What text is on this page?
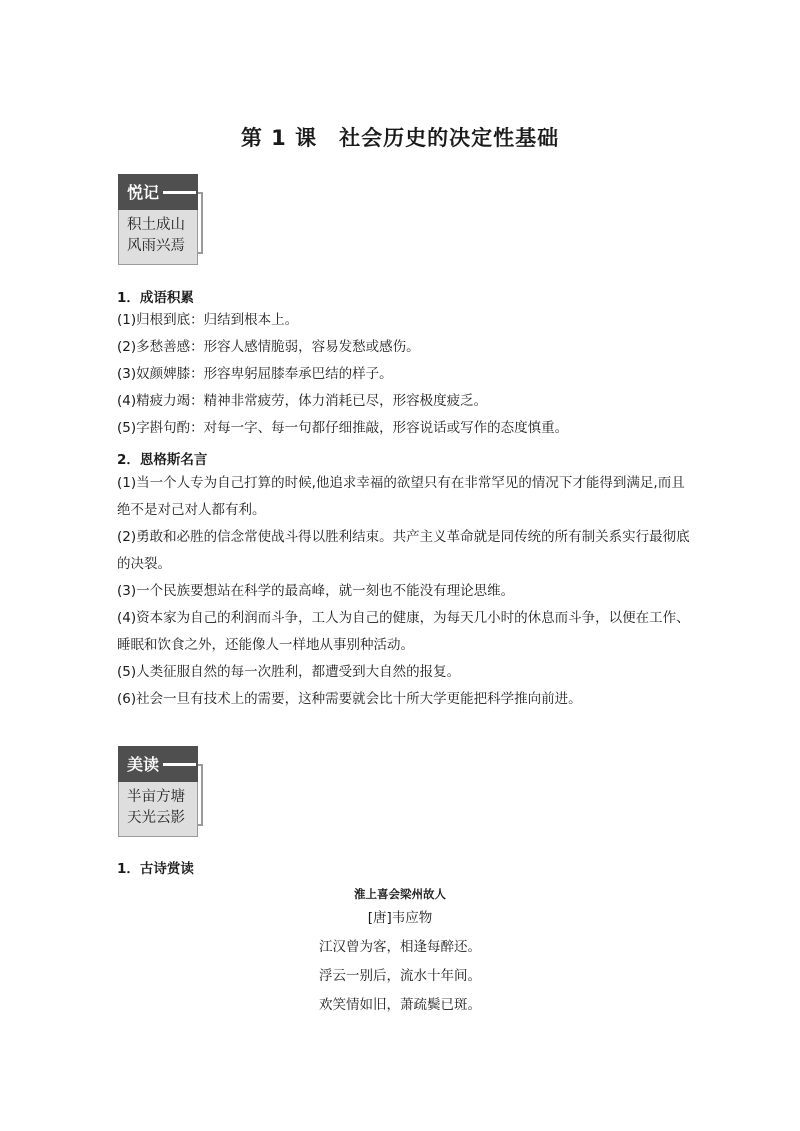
第 1 课　社会历史的决定性基础
积土成山
风雨兴焉
悦记
1．成语积累
(1)归根到底：归结到根本上。
(2)多愁善感：形容人感情脆弱，容易发愁或感伤。
(3)奴颜婢膝：形容卑躬屈膝奉承巴结的样子。
(4)精疲力竭：精神非常疲劳，体力消耗已尽，形容极度疲乏。
(5)字斟句酌：对每一字、每一句都仔细推敲，形容说话或写作的态度慎重。
2．恩格斯名言
(1)当一个人专为自己打算的时候,他追求幸福的欲望只有在非常罕见的情况下才能得到满足,而且绝不是对己对人都有利。
(2)勇敢和必胜的信念常使战斗得以胜利结束。共产主义革命就是同传统的所有制关系实行最彻底的决裂。
(3)一个民族要想站在科学的最高峰，就一刻也不能没有理论思维。
(4)资本家为自己的利润而斗争，工人为自己的健康，为每天几小时的休息而斗争，以便在工作、睡眠和饮食之外，还能像人一样地从事别种活动。
(5)人类征服自然的每一次胜利，都遭受到大自然的报复。
(6)社会一旦有技术上的需要，这种需要就会比十所大学更能把科学推向前进。
半亩方塘
天光云影
美读
1．古诗赏读
淮上喜会梁州故人
[唐]韦应物
江汉曾为客，相逢每醉还。
浮云一别后，流水十年间。
欢笑情如旧，萧疏鬓已斑。
